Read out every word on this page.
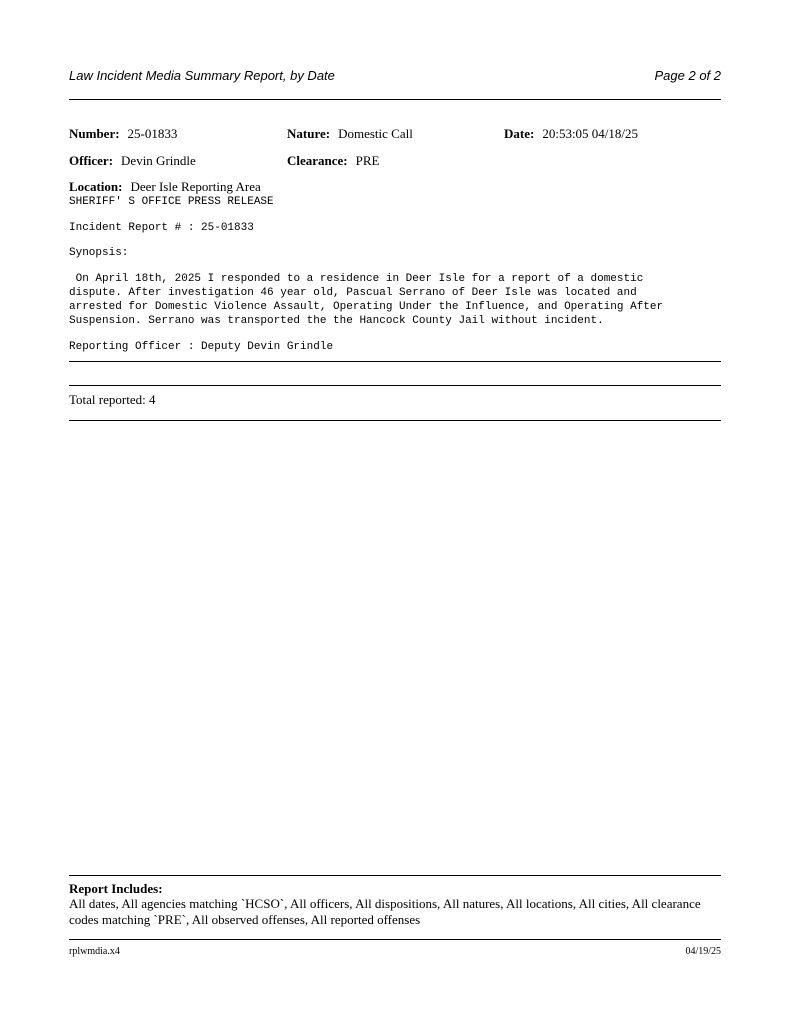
Law Incident Media Summary Report, by Date	Page 2 of 2
Number: 25-01833	Nature: Domestic Call	Date: 20:53:05 04/18/25
Officer: Devin Grindle	Clearance: PRE
Location: Deer Isle Reporting Area
SHERIFF' S OFFICE PRESS RELEASE
Incident Report # : 25-01833
Synopsis:
On April 18th, 2025 I responded to a residence in Deer Isle for a report of a domestic
dispute. After investigation 46 year old, Pascual Serrano of Deer Isle was located and
arrested for Domestic Violence Assault, Operating Under the Influence, and Operating After
Suspension. Serrano was transported the the Hancock County Jail without incident.
Reporting Officer : Deputy Devin Grindle
Total reported: 4
Report Includes:
All dates, All agencies matching `HCSO`, All officers, All dispositions, All natures, All locations, All cities, All clearance codes matching `PRE`, All observed offenses, All reported offenses
rplwmdia.x4	04/19/25
